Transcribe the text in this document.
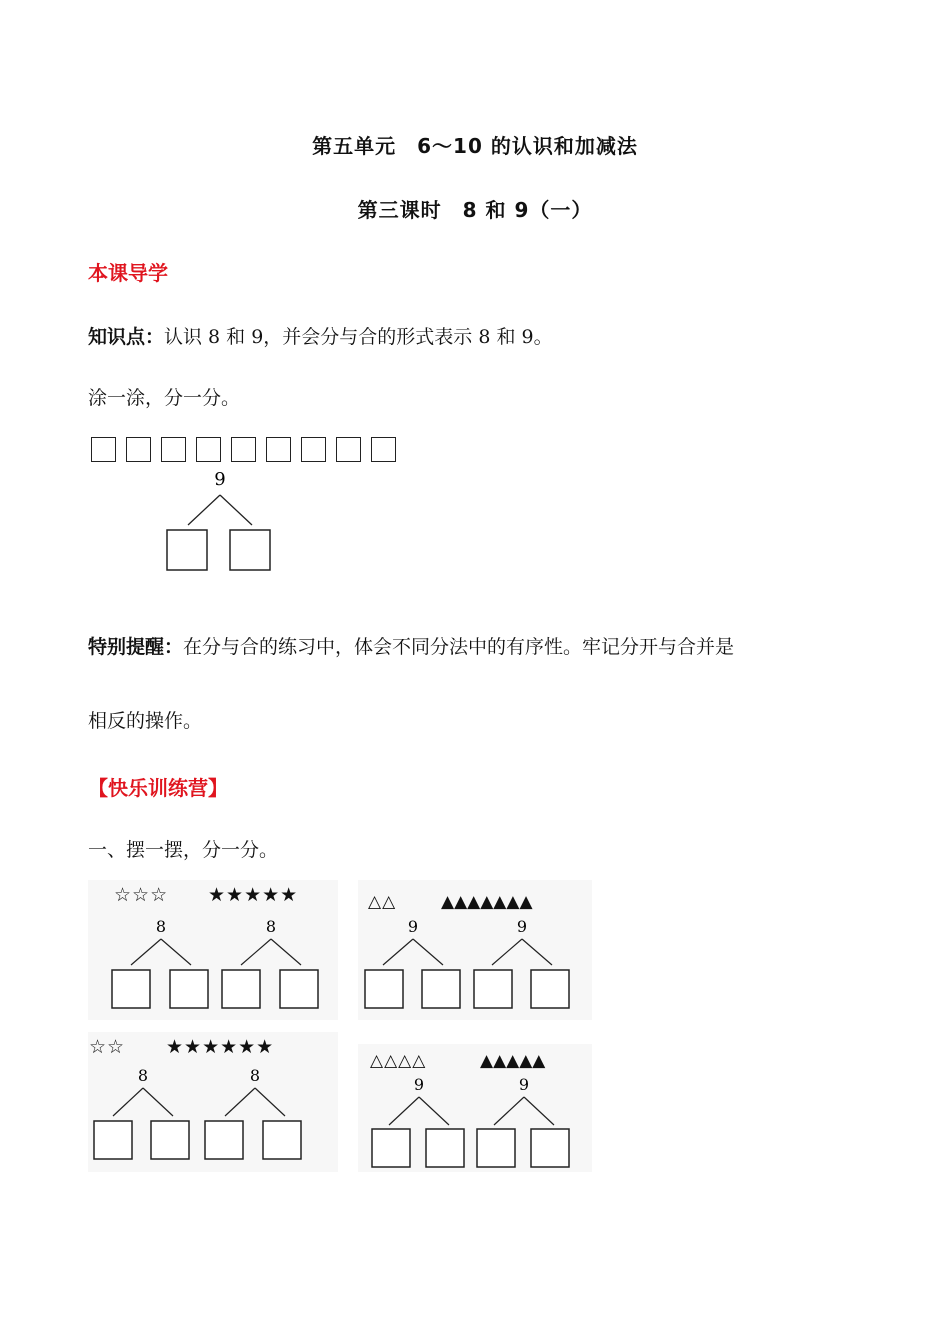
第五单元　6～10 的认识和加减法
第三课时　8 和 9（一）
本课导学
知识点：认识 8 和 9，并会分与合的形式表示 8 和 9。
涂一涂，分一分。
9
特别提醒：在分与合的练习中，体会不同分法中的有序性。牢记分开与合并是
相反的操作。
【快乐训练营】
一、摆一摆，分一分。
☆☆☆ ★★★★★
8	8
△△	▲▲▲▲▲▲▲
9	9
☆☆ ★★★★★★
8	8
△△△△	▲▲▲▲▲
9	9
